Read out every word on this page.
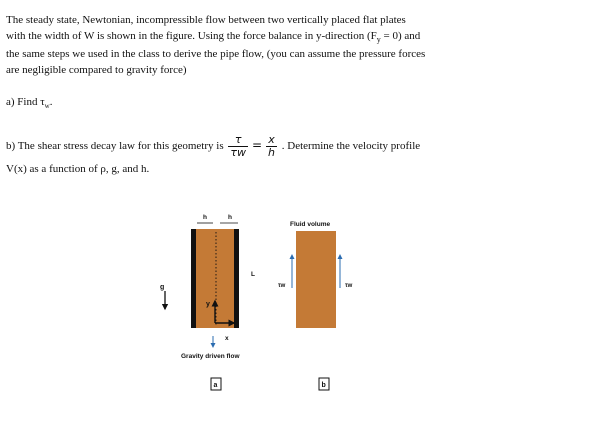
The steady state, Newtonian, incompressible flow between two vertically placed flat plates
with the width of W is shown in the figure. Using the force balance in y-direction $(F_y = 0)$ and
the same steps we used in the class to derive the pipe flow, (you can assume the pressure forces
are negligible compared to gravity force)
a) Find $\tau_w$.
b) The shear stress decay law for this geometry is $\frac{\tau}{\tau w} = \frac{x}{h}$ . Determine the velocity profile
V(x) as a function of ρ, g, and h.
h	h
L
y
x
g
Gravity driven flow
a
Fluid volume
τw	τw
b
